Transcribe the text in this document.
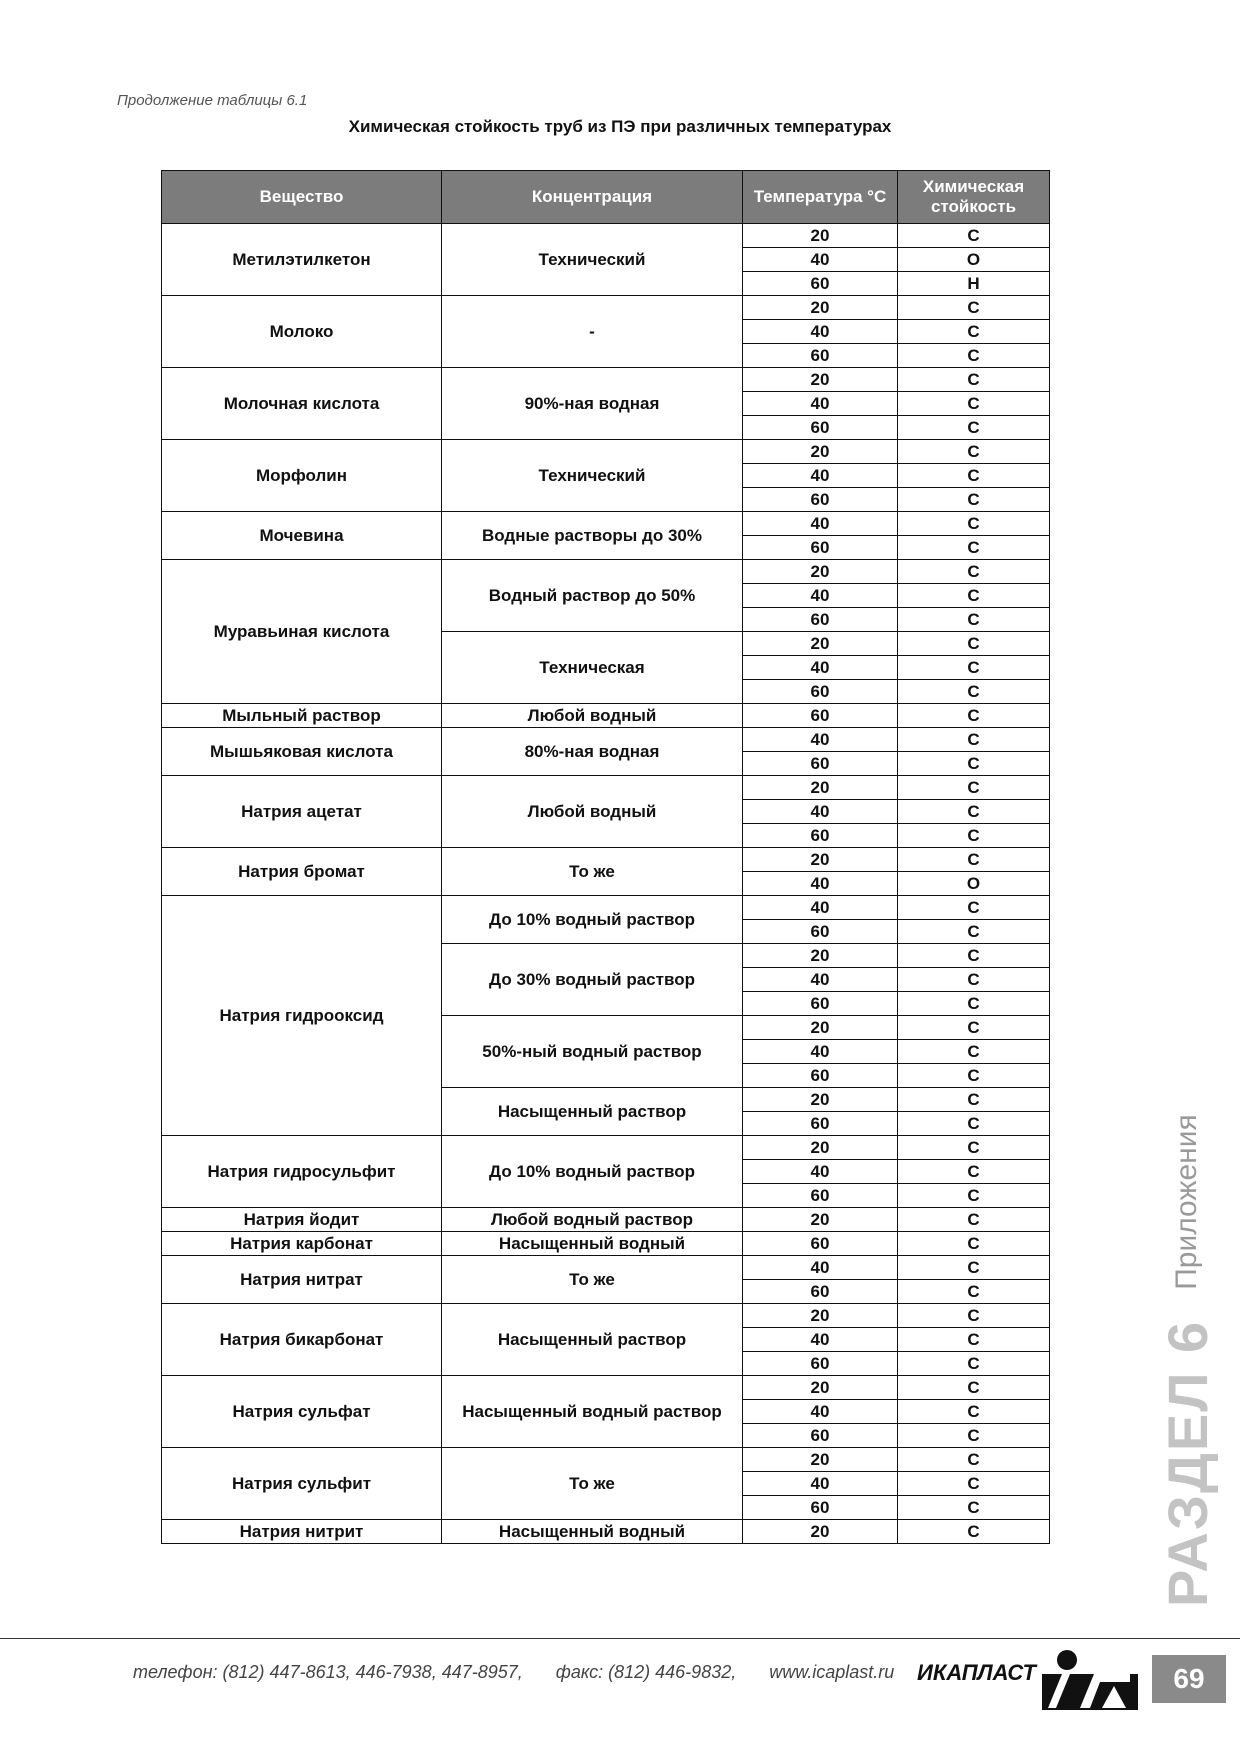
Продолжение таблицы 6.1
Химическая стойкость труб из ПЭ при различных температурах
Вещество	Концентрация	Температура °C	Химическая стойкость
Метилэтилкетон	Технический	20	С
		40	О
		60	Н
Молоко	-	20	С
		40	С
		60	С
Молочная кислота	90%-ная водная	20	С
		40	С
		60	С
Морфолин	Технический	20	С
		40	С
		60	С
Мочевина	Водные растворы до 30%	40	С
		60	С
Муравьиная кислота	Водный раствор до 50%	20	С
		40	С
		60	С
	Техническая	20	С
		40	С
		60	С
Мыльный раствор	Любой водный	60	С
Мышьяковая кислота	80%-ная водная	40	С
		60	С
Натрия ацетат	Любой водный	20	С
		40	С
		60	С
Натрия бромат	То же	20	С
		40	О
Натрия гидрооксид	До 10% водный раствор	40	С
		60	С
	До 30% водный раствор	20	С
		40	С
		60	С
	50%-ный водный раствор	20	С
		40	С
		60	С
	Насыщенный раствор	20	С
		60	С
Натрия гидросульфит	До 10% водный раствор	20	С
		40	С
		60	С
Натрия йодит	Любой водный раствор	20	С
Натрия карбонат	Насыщенный водный	60	С
Натрия нитрат	То же	40	С
		60	С
Натрия бикарбонат	Насыщенный раствор	20	С
		40	С
		60	С
Натрия сульфат	Насыщенный водный раствор	20	С
		40	С
		60	С
Натрия сульфит	То же	20	С
		40	С
		60	С
Натрия нитрит	Насыщенный водный	20	С	РАЗДЕЛ 6
Приложения
телефон: (812) 447-8613, 446-7938, 447-8957, факс: (812) 446-9832, www.icaplast.ru	ИКАПЛАСТ	69
